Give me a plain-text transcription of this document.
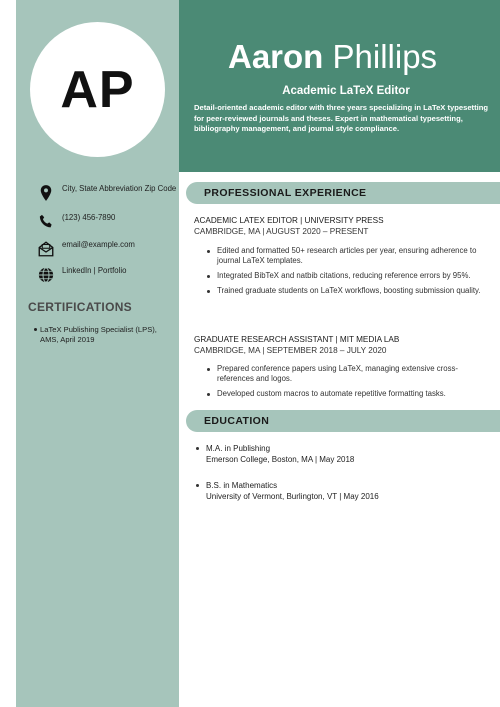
AP
Aaron Phillips
Academic LaTeX Editor
Detail-oriented academic editor with three years specializing in LaTeX typesetting for peer-reviewed journals and theses. Expert in mathematical typesetting, bibliography management, and journal style compliance.
City, State Abbreviation Zip Code
(123) 456-7890
email@example.com
LinkedIn | Portfolio
CERTIFICATIONS
LaTeX Publishing Specialist (LPS), AMS, April 2019
PROFESSIONAL EXPERIENCE
ACADEMIC LATEX EDITOR | UNIVERSITY PRESS
CAMBRIDGE, MA | AUGUST 2020 – PRESENT
Edited and formatted 50+ research articles per year, ensuring adherence to journal LaTeX templates.
Integrated BibTeX and natbib citations, reducing reference errors by 95%.
Trained graduate students on LaTeX workflows, boosting submission quality.
GRADUATE RESEARCH ASSISTANT | MIT MEDIA LAB
CAMBRIDGE, MA | SEPTEMBER 2018 – JULY 2020
Prepared conference papers using LaTeX, managing extensive cross-references and logos.
Developed custom macros to automate repetitive formatting tasks.
EDUCATION
M.A. in Publishing
Emerson College, Boston, MA | May 2018
B.S. in Mathematics
University of Vermont, Burlington, VT | May 2016
